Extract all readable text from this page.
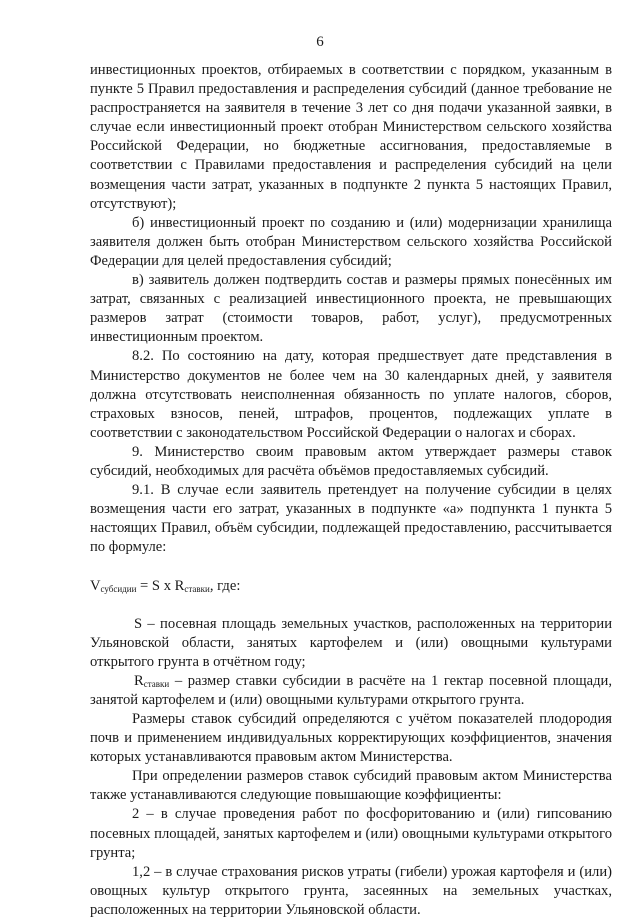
6

инвестиционных проектов, отбираемых в соответствии с порядком, указанным в пункте 5 Правил предоставления и распределения субсидий (данное требование не распространяется на заявителя в течение 3 лет со дня подачи указанной заявки, в случае если инвестиционный проект отобран Министерством сельского хозяйства Российской Федерации, но бюджетные ассигнования, предоставляемые в соответствии с Правилами предоставления и распределения субсидий на цели возмещения части затрат, указанных в подпункте 2 пункта 5 настоящих Правил, отсутствуют);

б) инвестиционный проект по созданию и (или) модернизации хранилища заявителя должен быть отобран Министерством сельского хозяйства Российской Федерации для целей предоставления субсидий;

в) заявитель должен подтвердить состав и размеры прямых понесённых им затрат, связанных с реализацией инвестиционного проекта, не превышающих размеров затрат (стоимости товаров, работ, услуг), предусмотренных инвестиционным проектом.

8.2. По состоянию на дату, которая предшествует дате представления в Министерство документов не более чем на 30 календарных дней, у заявителя должна отсутствовать неисполненная обязанность по уплате налогов, сборов, страховых взносов, пеней, штрафов, процентов, подлежащих уплате в соответствии с законодательством Российской Федерации о налогах и сборах.

9. Министерство своим правовым актом утверждает размеры ставок субсидий, необходимых для расчёта объёмов предоставляемых субсидий.

9.1. В случае если заявитель претендует на получение субсидии в целях возмещения части его затрат, указанных в подпункте «а» подпункта 1 пункта 5 настоящих Правил, объём субсидии, подлежащей предоставлению, рассчитывается по формуле:

$V_{субсидии} = S$ x $R_{ставки}$, где:

S – посевная площадь земельных участков, расположенных на территории Ульяновской области, занятых картофелем и (или) овощными культурами открытого грунта в отчётном году;

$R_{ставки}$ – размер ставки субсидии в расчёте на 1 гектар посевной площади, занятой картофелем и (или) овощными культурами открытого грунта.

Размеры ставок субсидий определяются с учётом показателей плодородия почв и применением индивидуальных корректирующих коэффициентов, значения которых устанавливаются правовым актом Министерства.

При определении размеров ставок субсидий правовым актом Министерства также устанавливаются следующие повышающие коэффициенты:

2 – в случае проведения работ по фосфоритованию и (или) гипсованию посевных площадей, занятых картофелем и (или) овощными культурами открытого грунта;

1,2 – в случае страхования рисков утраты (гибели) урожая картофеля и (или) овощных культур открытого грунта, засеянных на земельных участках, расположенных на территории Ульяновской области.
